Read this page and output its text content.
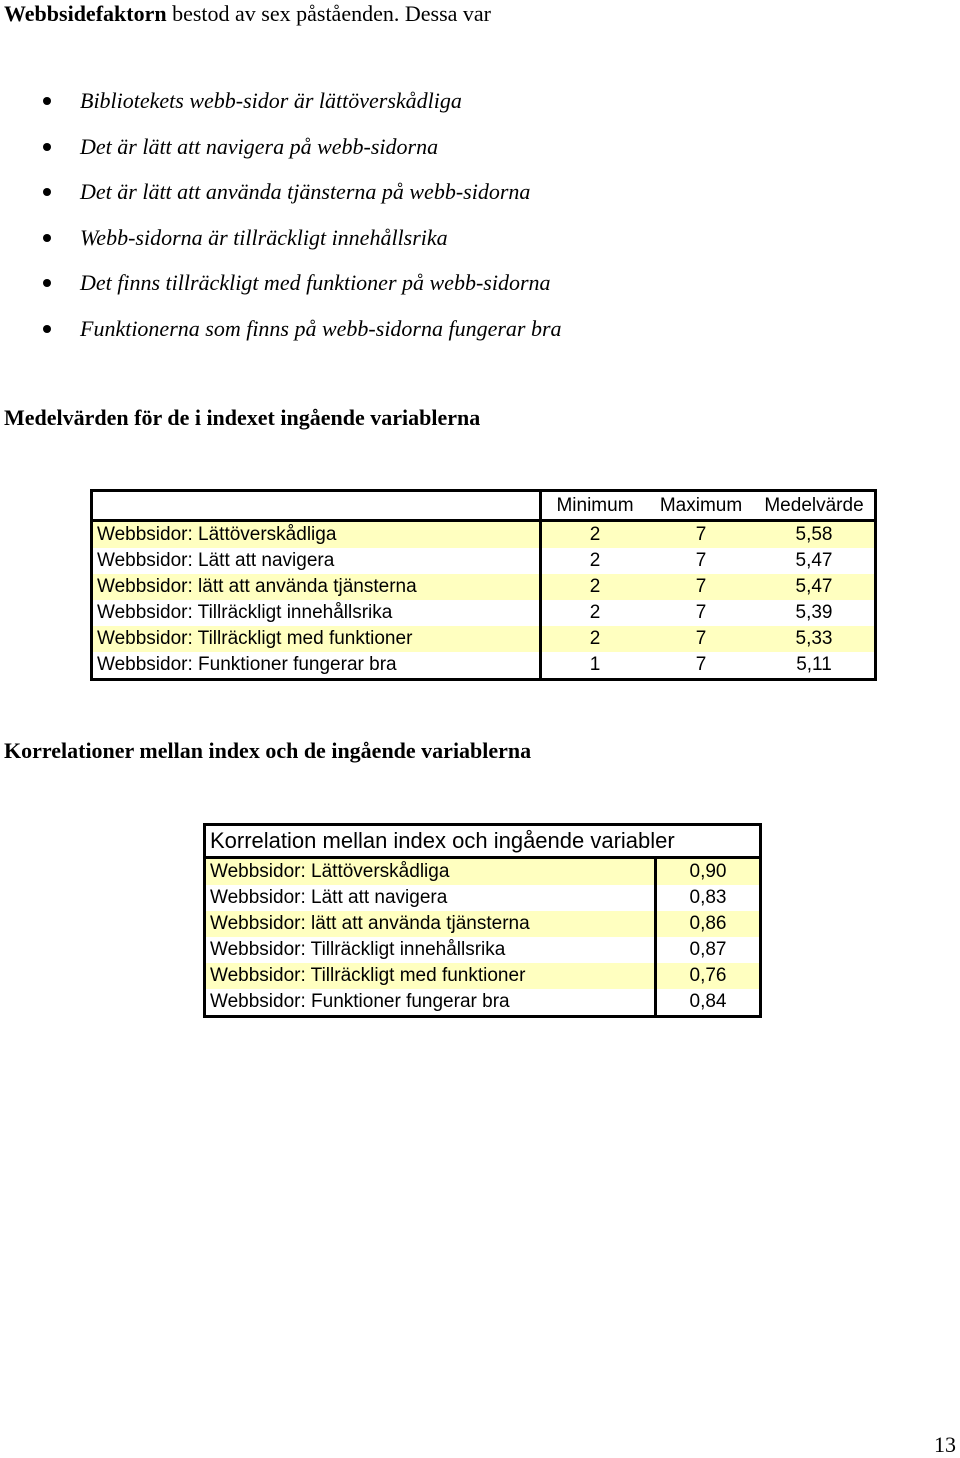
Webbsidefaktorn bestod av sex påståenden. Dessa var
Bibliotekets webb-sidor är lättöverskådliga
Det är lätt att navigera på webb-sidorna
Det är lätt att använda tjänsterna på webb-sidorna
Webb-sidorna är tillräckligt innehållsrika
Det finns tillräckligt med funktioner på webb-sidorna
Funktionerna som finns på webb-sidorna fungerar bra
Medelvärden för de i indexet ingående variablerna
	Minimum	Maximum	Medelvärde
Webbsidor: Lättöverskådliga	2	7	5,58
Webbsidor: Lätt att navigera	2	7	5,47
Webbsidor: lätt att använda tjänsterna	2	7	5,47
Webbsidor: Tillräckligt innehållsrika	2	7	5,39
Webbsidor: Tillräckligt med funktioner	2	7	5,33
Webbsidor: Funktioner fungerar bra	1	7	5,11
Korrelationer mellan index och de ingående variablerna
Korrelation mellan index och ingående variabler	
Webbsidor: Lättöverskådliga	0,90
Webbsidor: Lätt att navigera	0,83
Webbsidor: lätt att använda tjänsterna	0,86
Webbsidor: Tillräckligt innehållsrika	0,87
Webbsidor: Tillräckligt med funktioner	0,76
Webbsidor: Funktioner fungerar bra	0,84
13
